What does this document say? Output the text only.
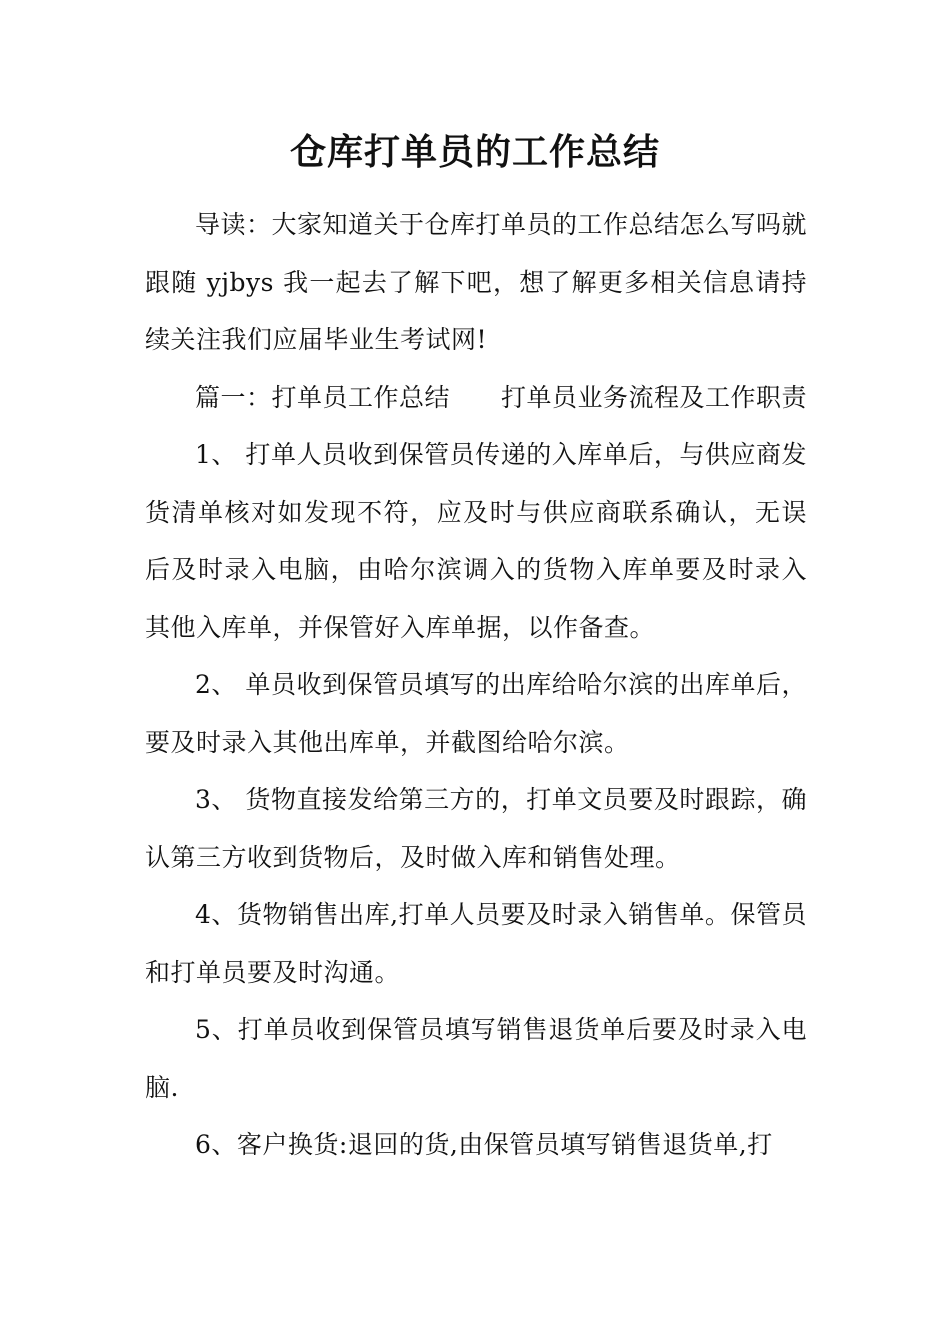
仓库打单员的工作总结

导读：大家知道关于仓库打单员的工作总结怎么写吗就跟随 yjbys 我一起去了解下吧，想了解更多相关信息请持续关注我们应届毕业生考试网!

篇一：打单员工作总结　　打单员业务流程及工作职责

1、 打单人员收到保管员传递的入库单后，与供应商发货清单核对如发现不符，应及时与供应商联系确认，无误后及时录入电脑，由哈尔滨调入的货物入库单要及时录入其他入库单，并保管好入库单据，以作备查。

2、 单员收到保管员填写的出库给哈尔滨的出库单后，要及时录入其他出库单，并截图给哈尔滨。

3、 货物直接发给第三方的，打单文员要及时跟踪，确认第三方收到货物后，及时做入库和销售处理。

4、货物销售出库,打单人员要及时录入销售单。保管员和打单员要及时沟通。

5、打单员收到保管员填写销售退货单后要及时录入电脑.

6、客户换货:退回的货,由保管员填写销售退货单,打
